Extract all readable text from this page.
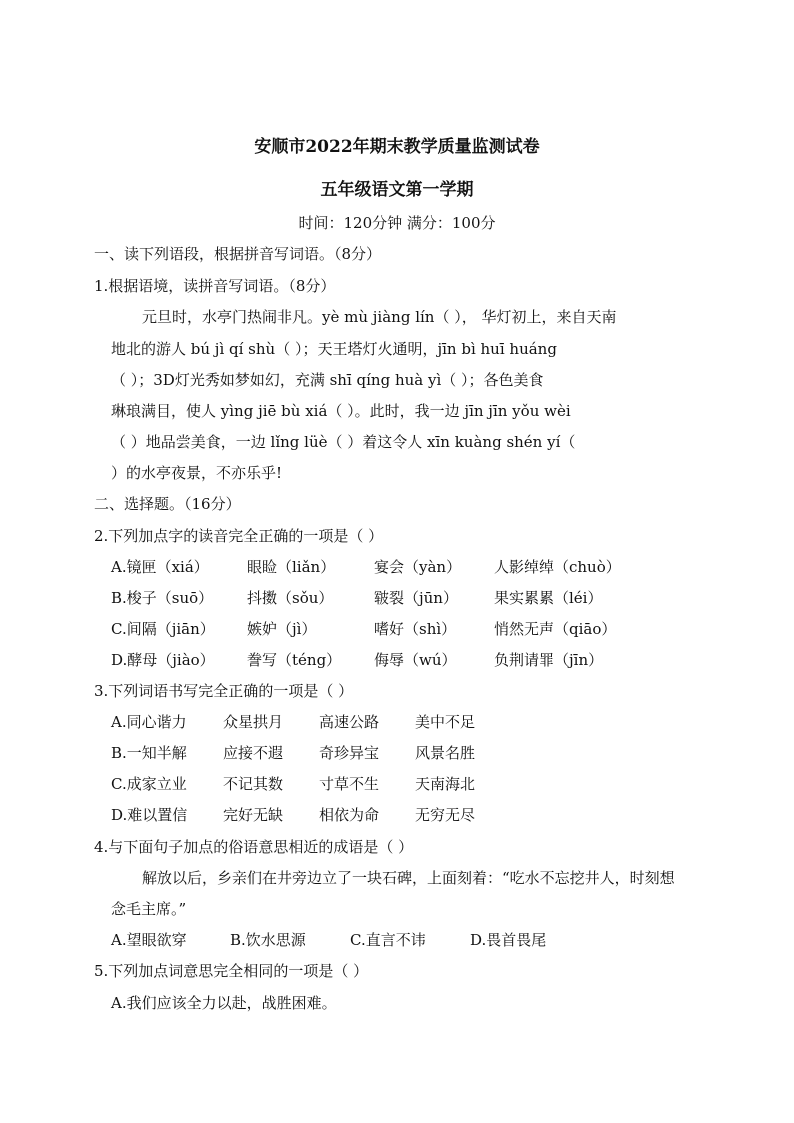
安顺市2022年期末教学质量监测试卷
五年级语文第一学期
时间：120分钟 满分：100分
一、读下列语段，根据拼音写词语。（8分）
1.根据语境，读拼音写词语。（8分）
元旦时，水亭门热闹非凡。yè mù jiàng lín（ ）， 华灯初上，来自天南
地北的游人 bú jì qí shù（ ）；天王塔灯火通明，jīn bì huī huáng
（ ）；3D灯光秀如梦如幻，充满 shī qíng huà yì（ ）；各色美食
琳琅满目，使人 yìng jiē bù xiá（ ）。此时，我一边 jīn jīn yǒu wèi
（ ）地品尝美食，一边 lǐng lüè（ ）着这令人 xīn kuàng shén yí（
）的水亭夜景，不亦乐乎!
二、选择题。（16分）
2.下列加点字的读音完全正确的一项是（ ）
A.镜匣（xiá）	眼睑（liǎn）	宴会（yàn） 人影绰绰（chuò）
B.梭子（suō） 抖擞（sǒu）	皲裂（jūn） 果实累累（léi）
C.间隔（jiān） 嫉妒（jì）	嗜好（shì）	悄然无声（qiāo）
D.酵母（jiào） 誊写（téng） 侮辱（wú） 负荆请罪（jīn）
3.下列词语书写完全正确的一项是（ ）
A.同心谐力 众星拱月 高速公路 美中不足
B.一知半解 应接不遐 奇珍异宝 风景名胜
C.成家立业 不记其数 寸草不生 天南海北
D.难以置信 完好无缺 相依为命 无穷无尽
4.与下面句子加点的俗语意思相近的成语是（ ）
解放以后，乡亲们在井旁边立了一块石碑，上面刻着：“吃水不忘挖井人，时刻想
念毛主席。”
A.望眼欲穿	B.饮水思源	C.直言不讳	D.畏首畏尾
5.下列加点词意思完全相同的一项是（ ）
A.我们应该全力以赴，战胜困难。
